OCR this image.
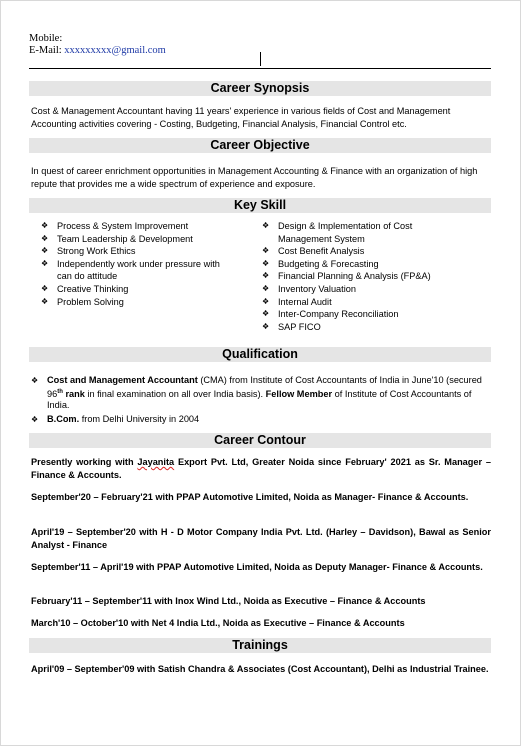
Mobile:
E-Mail: xxxxxxxxx@gmail.com
Career Synopsis
Cost & Management Accountant having 11 years' experience in various fields of Cost and Management Accounting activities covering - Costing, Budgeting, Financial Analysis, Financial Control etc.
Career Objective
In quest of career enrichment opportunities in Management Accounting & Finance with an organization of high repute that provides me a wide spectrum of experience and exposure.
Key Skill
❖ Process & System Improvement
❖ Team Leadership & Development
❖ Strong Work Ethics
❖ Independently work under pressure with can do attitude
❖ Creative Thinking
❖ Problem Solving
❖ Design & Implementation of Cost Management System
❖ Cost Benefit Analysis
❖ Budgeting & Forecasting
❖ Financial Planning & Analysis (FP&A)
❖ Inventory Valuation
❖ Internal Audit
❖ Inter-Company Reconciliation
❖ SAP FICO
Qualification
❖ Cost and Management Accountant (CMA) from Institute of Cost Accountants of India in June'10 (secured 96th rank in final examination on all over India basis). Fellow Member of Institute of Cost Accountants of India.
❖ B.Com. from Delhi University in 2004
Career Contour
Presently working with Jayanita Export Pvt. Ltd, Greater Noida since February' 2021 as Sr. Manager – Finance & Accounts.
September'20 – February'21 with PPAP Automotive Limited, Noida as Manager- Finance & Accounts.
April'19 – September'20 with H - D Motor Company India Pvt. Ltd. (Harley – Davidson), Bawal as Senior Analyst - Finance
September'11 – April'19 with PPAP Automotive Limited, Noida as Deputy Manager- Finance & Accounts.
February'11 – September'11 with Inox Wind Ltd., Noida as Executive – Finance & Accounts
March'10 – October'10 with Net 4 India Ltd., Noida as Executive – Finance & Accounts
Trainings
April'09 – September'09 with Satish Chandra & Associates (Cost Accountant), Delhi as Industrial Trainee.
